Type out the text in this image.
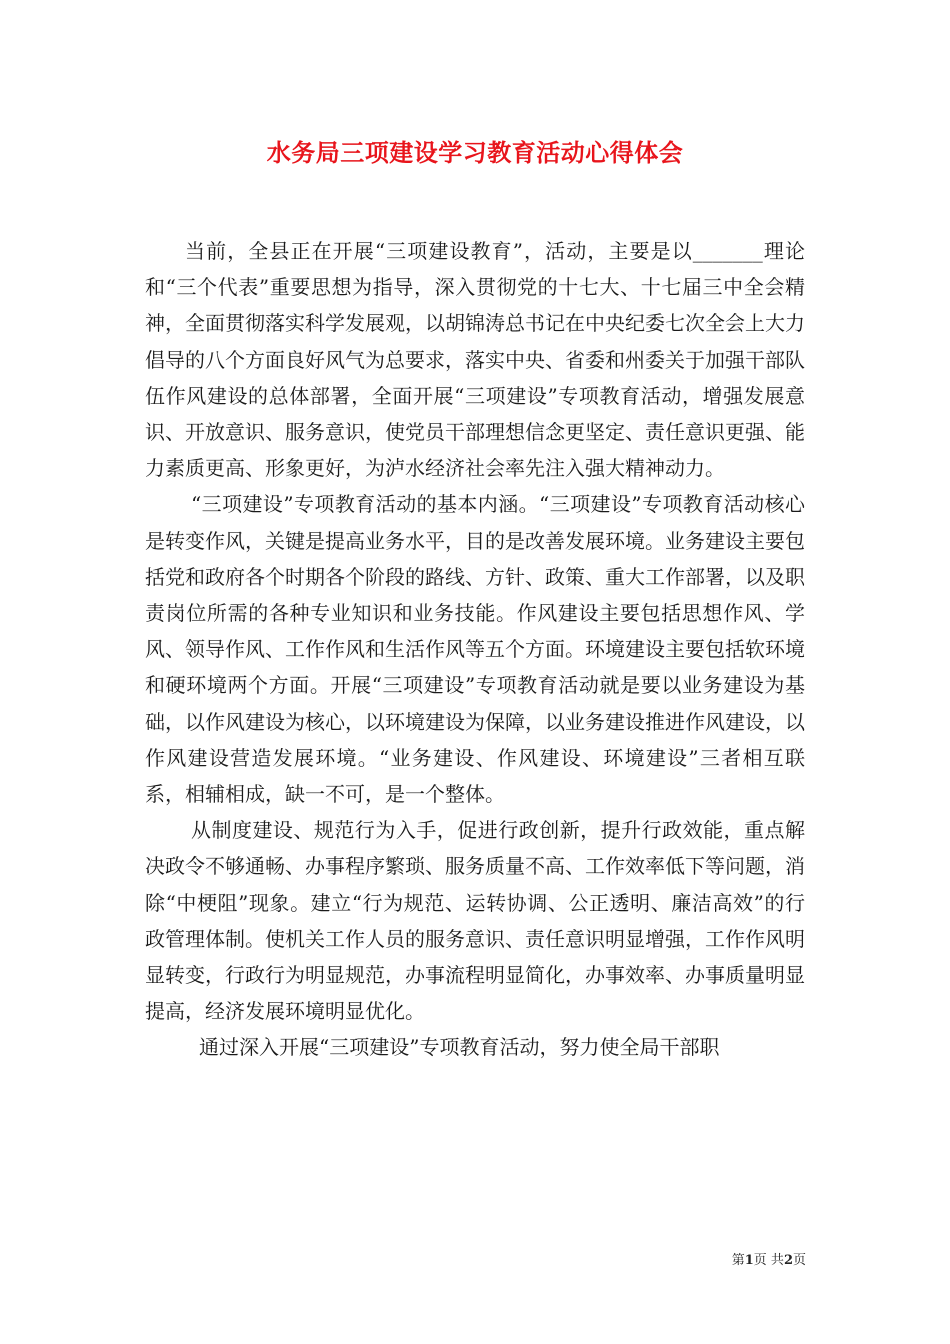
水务局三项建设学习教育活动心得体会

当前，全县正在开展“三项建设教育”，活动，主要是以_______理论和“三个代表”重要思想为指导，深入贯彻党的十七大、十七届三中全会精神，全面贯彻落实科学发展观，以胡锦涛总书记在中央纪委七次全会上大力倡导的八个方面良好风气为总要求，落实中央、省委和州委关于加强干部队伍作风建设的总体部署，全面开展“三项建设”专项教育活动，增强发展意识、开放意识、服务意识，使党员干部理想信念更坚定、责任意识更强、能力素质更高、形象更好，为泸水经济社会率先注入强大精神动力。

“三项建设”专项教育活动的基本内涵。“三项建设”专项教育活动核心是转变作风，关键是提高业务水平，目的是改善发展环境。业务建设主要包括党和政府各个时期各个阶段的路线、方针、政策、重大工作部署，以及职责岗位所需的各种专业知识和业务技能。作风建设主要包括思想作风、学风、领导作风、工作作风和生活作风等五个方面。环境建设主要包括软环境和硬环境两个方面。开展“三项建设”专项教育活动就是要以业务建设为基础，以作风建设为核心，以环境建设为保障，以业务建设推进作风建设，以作风建设营造发展环境。“业务建设、作风建设、环境建设”三者相互联系，相辅相成，缺一不可，是一个整体。

从制度建设、规范行为入手，促进行政创新，提升行政效能，重点解决政令不够通畅、办事程序繁琐、服务质量不高、工作效率低下等问题，消除“中梗阻”现象。建立“行为规范、运转协调、公正透明、廉洁高效”的行政管理体制。使机关工作人员的服务意识、责任意识明显增强，工作作风明显转变，行政行为明显规范，办事流程明显简化，办事效率、办事质量明显提高，经济发展环境明显优化。

通过深入开展“三项建设”专项教育活动，努力使全局干部职

第1页 共2页
